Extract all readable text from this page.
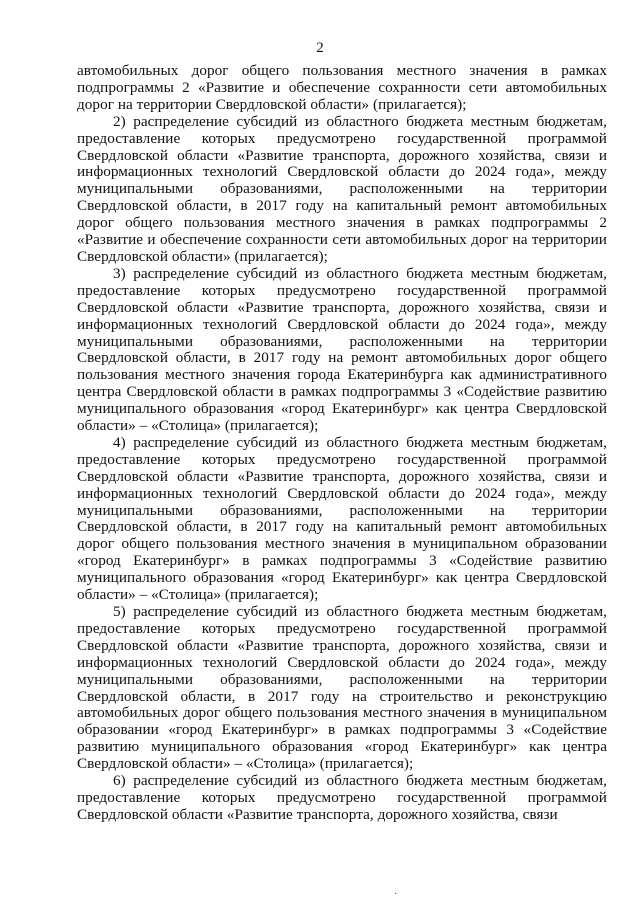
2

автомобильных дорог общего пользования местного значения в рамках подпрограммы 2 «Развитие и обеспечение сохранности сети автомобильных дорог на территории Свердловской области» (прилагается);

2) распределение субсидий из областного бюджета местным бюджетам, предоставление которых предусмотрено государственной программой Свердловской области «Развитие транспорта, дорожного хозяйства, связи и информационных технологий Свердловской области до 2024 года», между муниципальными образованиями, расположенными на территории Свердловской области, в 2017 году на капитальный ремонт автомобильных дорог общего пользования местного значения в рамках подпрограммы 2 «Развитие и обеспечение сохранности сети автомобильных дорог на территории Свердловской области» (прилагается);

3) распределение субсидий из областного бюджета местным бюджетам, предоставление которых предусмотрено государственной программой Свердловской области «Развитие транспорта, дорожного хозяйства, связи и информационных технологий Свердловской области до 2024 года», между муниципальными образованиями, расположенными на территории Свердловской области, в 2017 году на ремонт автомобильных дорог общего пользования местного значения города Екатеринбурга как административного центра Свердловской области в рамках подпрограммы 3 «Содействие развитию муниципального образования «город Екатеринбург» как центра Свердловской области» – «Столица» (прилагается);

4) распределение субсидий из областного бюджета местным бюджетам, предоставление которых предусмотрено государственной программой Свердловской области «Развитие транспорта, дорожного хозяйства, связи и информационных технологий Свердловской области до 2024 года», между муниципальными образованиями, расположенными на территории Свердловской области, в 2017 году на капитальный ремонт автомобильных дорог общего пользования местного значения в муниципальном образовании «город Екатеринбург» в рамках подпрограммы 3 «Содействие развитию муниципального образования «город Екатеринбург» как центра Свердловской области» – «Столица» (прилагается);

5) распределение субсидий из областного бюджета местным бюджетам, предоставление которых предусмотрено государственной программой Свердловской области «Развитие транспорта, дорожного хозяйства, связи и информационных технологий Свердловской области до 2024 года», между муниципальными образованиями, расположенными на территории Свердловской области, в 2017 году на строительство и реконструкцию автомобильных дорог общего пользования местного значения в муниципальном образовании «город Екатеринбург» в рамках подпрограммы 3 «Содействие развитию муниципального образования «город Екатеринбург» как центра Свердловской области» – «Столица» (прилагается);

6) распределение субсидий из областного бюджета местным бюджетам, предоставление которых предусмотрено государственной программой Свердловской области «Развитие транспорта, дорожного хозяйства, связи

·
